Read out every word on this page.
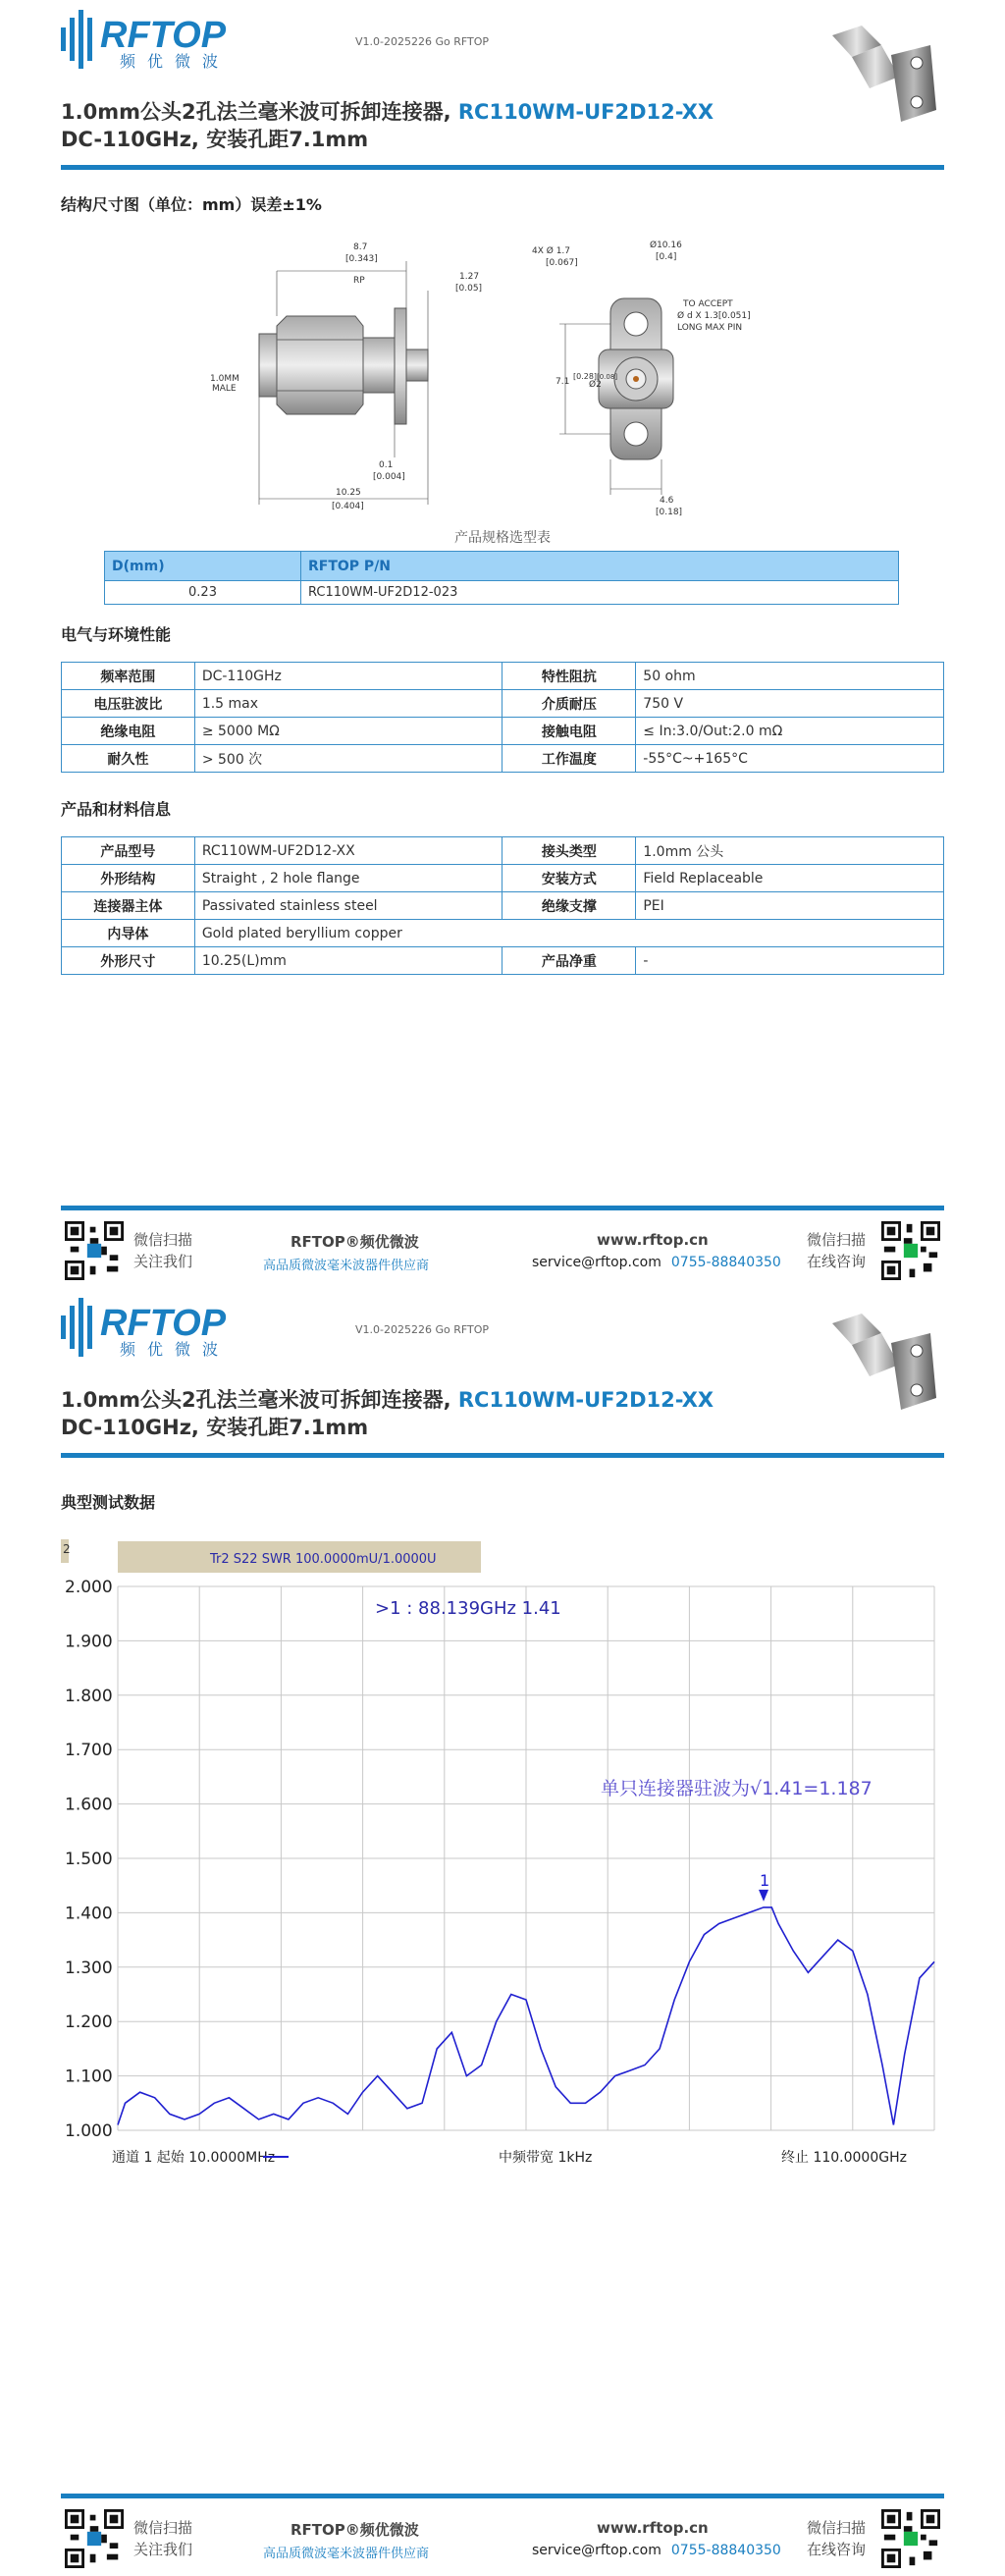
RFTOP
频优微波
V1.0-2025226 Go RFTOP
1.0mm公头2孔法兰毫米波可拆卸连接器, RC110WM-UF2D12-XX
DC-110GHz, 安装孔距7.1mm
结构尺寸图（单位：mm）误差±1%
8.7
[0.343]
RP	1.27
[0.05]
1.0MM
MALE
0.1
[0.004]
10.25
[0.404]
4X Ø 1.7
[0.067]
Ø10.16
[0.4]
TO ACCEPT
Ø d X 1.3[0.051]
LONG MAX PIN
7.1
[0.28]
Ø2
[0.08]
4.6
[0.18]
产品规格选型表
D(mm)	RFTOP P/N
0.23	RC110WM-UF2D12-023
电气与环境性能
频率范围	DC-110GHz	特性阻抗	50 ohm
电压驻波比	1.5 max	介质耐压	750 V
绝缘电阻	≥ 5000 MΩ	接触电阻	≤ In:3.0/Out:2.0 mΩ
耐久性	> 500 次	工作温度	-55°C~+165°C
产品和材料信息
产品型号	RC110WM-UF2D12-XX	接头类型	1.0mm 公头
外形结构	Straight , 2 hole flange	安装方式	Field Replaceable
连接器主体	Passivated stainless steel	绝缘支撑	PEI
内导体	Gold plated beryllium copper		
外形尺寸	10.25(L)mm	产品净重	-
微信扫描
关注我们
RFTOP®频优微波
高品质微波毫米波器件供应商
www.rftop.cn
service@rftop.com 0755-88840350
微信扫描
在线咨询
RFTOP
频优微波
V1.0-2025226 Go RFTOP
1.0mm公头2孔法兰毫米波可拆卸连接器, RC110WM-UF2D12-XX
DC-110GHz, 安装孔距7.1mm
典型测试数据
2
Tr2 S22 SWR 100.0000mU/1.0000U
2.000
1.900
1.800
1.700
1.600
1.500
1.400
1.300
1.200
1.100
1.000
>1 : 88.139GHz 1.41
单只连接器驻波为√1.41=1.187
1
通道 1 起始 10.0000MHz	中频带宽 1kHz	终止 110.0000GHz
微信扫描
关注我们
RFTOP®频优微波
高品质微波毫米波器件供应商
www.rftop.cn
service@rftop.com 0755-88840350
微信扫描
在线咨询
